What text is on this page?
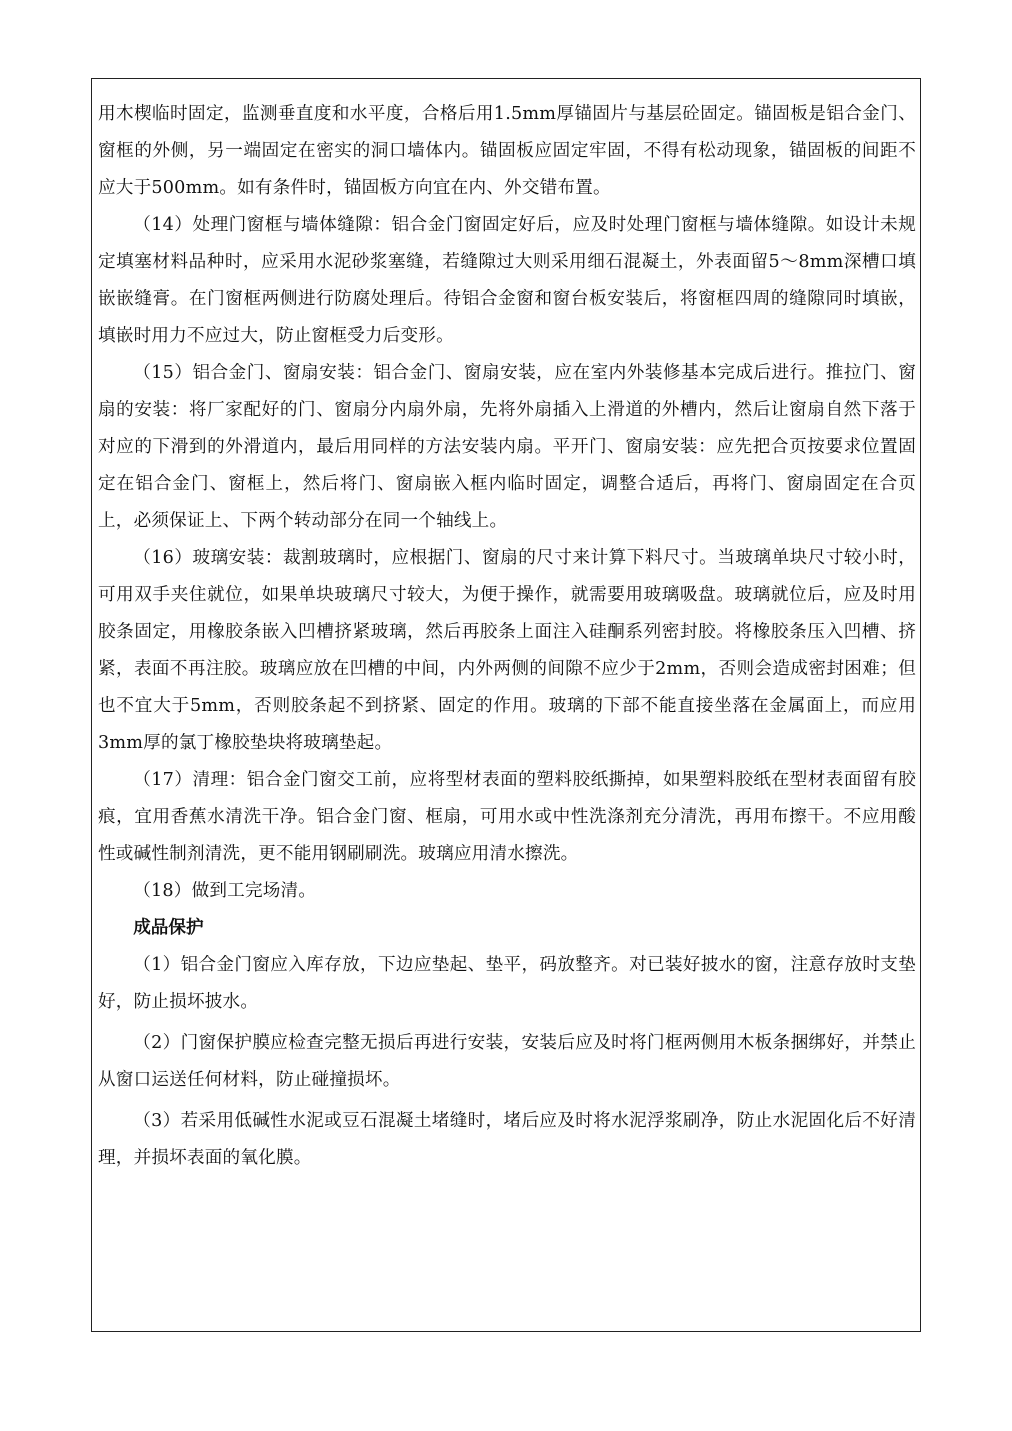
用木楔临时固定，监测垂直度和水平度，合格后用1.5mm厚锚固片与基层砼固定。锚固板是铝合金门、窗框的外侧，另一端固定在密实的洞口墙体内。锚固板应固定牢固，不得有松动现象，锚固板的间距不应大于500mm。如有条件时，锚固板方向宜在内、外交错布置。

（14）处理门窗框与墙体缝隙：铝合金门窗固定好后，应及时处理门窗框与墙体缝隙。如设计未规定填塞材料品种时，应采用水泥砂浆塞缝，若缝隙过大则采用细石混凝土，外表面留5～8mm深槽口填嵌嵌缝膏。在门窗框两侧进行防腐处理后。待铝合金窗和窗台板安装后，将窗框四周的缝隙同时填嵌，填嵌时用力不应过大，防止窗框受力后变形。

（15）铝合金门、窗扇安装：铝合金门、窗扇安装，应在室内外装修基本完成后进行。推拉门、窗扇的安装：将厂家配好的门、窗扇分内扇外扇，先将外扇插入上滑道的外槽内，然后让窗扇自然下落于对应的下滑到的外滑道内，最后用同样的方法安装内扇。平开门、窗扇安装：应先把合页按要求位置固定在铝合金门、窗框上，然后将门、窗扇嵌入框内临时固定，调整合适后，再将门、窗扇固定在合页上，必须保证上、下两个转动部分在同一个轴线上。

（16）玻璃安装：裁割玻璃时，应根据门、窗扇的尺寸来计算下料尺寸。当玻璃单块尺寸较小时，可用双手夹住就位，如果单块玻璃尺寸较大，为便于操作，就需要用玻璃吸盘。玻璃就位后，应及时用胶条固定，用橡胶条嵌入凹槽挤紧玻璃，然后再胶条上面注入硅酮系列密封胶。将橡胶条压入凹槽、挤紧，表面不再注胶。玻璃应放在凹槽的中间，内外两侧的间隙不应少于2mm，否则会造成密封困难；但也不宜大于5mm，否则胶条起不到挤紧、固定的作用。玻璃的下部不能直接坐落在金属面上，而应用3mm厚的氯丁橡胶垫块将玻璃垫起。

（17）清理：铝合金门窗交工前，应将型材表面的塑料胶纸撕掉，如果塑料胶纸在型材表面留有胶痕，宜用香蕉水清洗干净。铝合金门窗、框扇，可用水或中性洗涤剂充分清洗，再用布擦干。不应用酸性或碱性制剂清洗，更不能用钢刷刷洗。玻璃应用清水擦洗。

（18）做到工完场清。

成品保护

（1）铝合金门窗应入库存放，下边应垫起、垫平，码放整齐。对已装好披水的窗，注意存放时支垫好，防止损坏披水。

（2）门窗保护膜应检查完整无损后再进行安装，安装后应及时将门框两侧用木板条捆绑好，并禁止从窗口运送任何材料，防止碰撞损坏。

（3）若采用低碱性水泥或豆石混凝土堵缝时，堵后应及时将水泥浮浆刷净，防止水泥固化后不好清理，并损坏表面的氧化膜。
